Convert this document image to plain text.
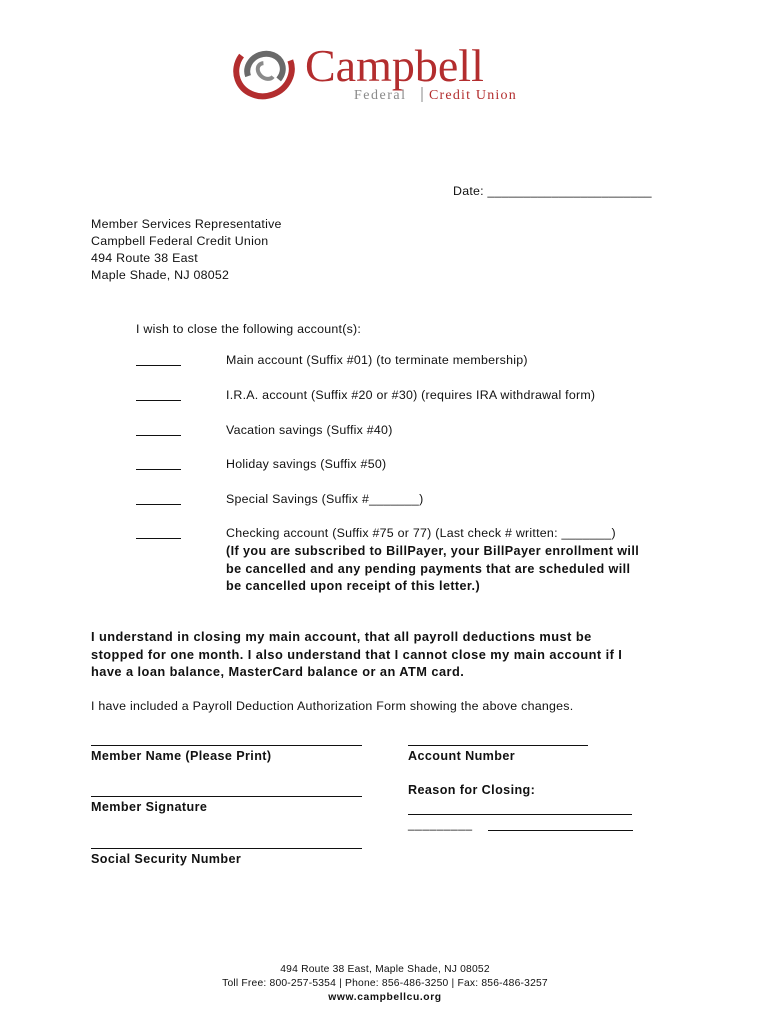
Campbell
Federal Credit Union
Date: _______________________
Member Services Representative
Campbell Federal Credit Union
494 Route 38 East
Maple Shade, NJ 08052
I wish to close the following account(s):
Main account (Suffix #01) (to terminate membership)
I.R.A. account (Suffix #20 or #30) (requires IRA withdrawal form)
Vacation savings (Suffix #40)
Holiday savings (Suffix #50)
Special Savings (Suffix #_______)
Checking account (Suffix #75 or 77) (Last check # written: _______)
(If you are subscribed to BillPayer, your BillPayer enrollment will
be cancelled and any pending payments that are scheduled will
be cancelled upon receipt of this letter.)
I understand in closing my main account, that all payroll deductions must be
stopped for one month. I also understand that I cannot close my main account if I
have a loan balance, MasterCard balance or an ATM card.
I have included a Payroll Deduction Authorization Form showing the above changes.
Member Name (Please Print)	Account Number
Reason for Closing:
_________
Member Signature
Social Security Number
494 Route 38 East, Maple Shade, NJ 08052
Toll Free: 800-257-5354 | Phone: 856-486-3250 | Fax: 856-486-3257
www.campbellcu.org
